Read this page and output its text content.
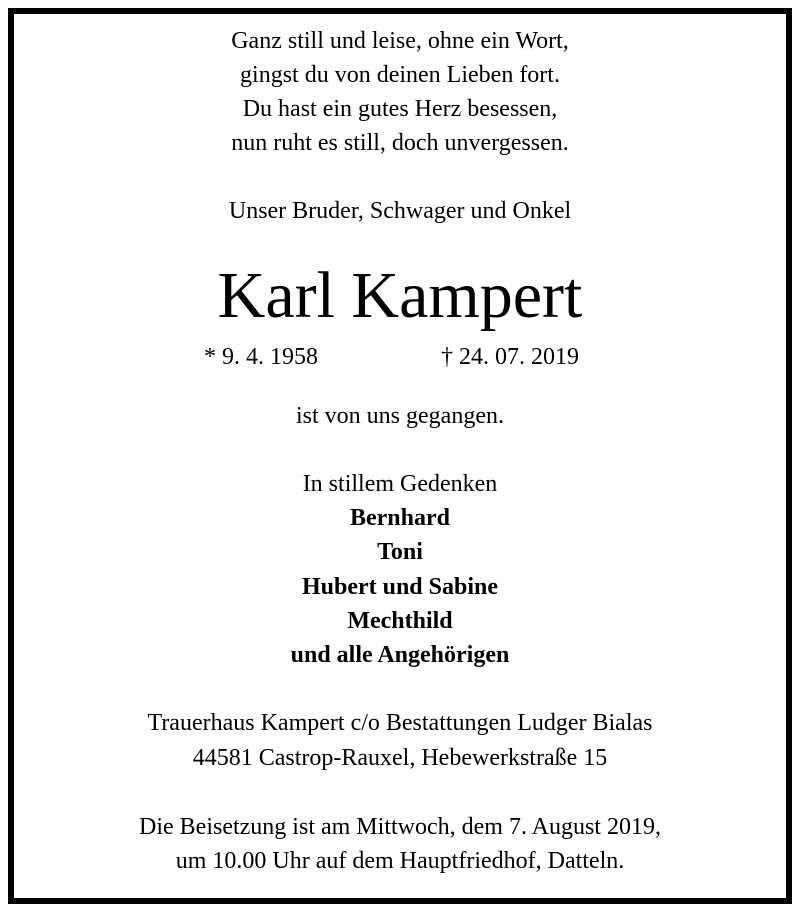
Ganz still und leise, ohne ein Wort,
gingst du von deinen Lieben fort.
Du hast ein gutes Herz besessen,
nun ruht es still, doch unvergessen.
Unser Bruder, Schwager und Onkel
Karl Kampert
* 9. 4. 1958	† 24. 07. 2019
ist von uns gegangen.
In stillem Gedenken
Bernhard
Toni
Hubert und Sabine
Mechthild
und alle Angehörigen
Trauerhaus Kampert c/o Bestattungen Ludger Bialas
44581 Castrop-Rauxel, Hebewerkstraße 15
Die Beisetzung ist am Mittwoch, dem 7. August 2019,
um 10.00 Uhr auf dem Hauptfriedhof, Datteln.
